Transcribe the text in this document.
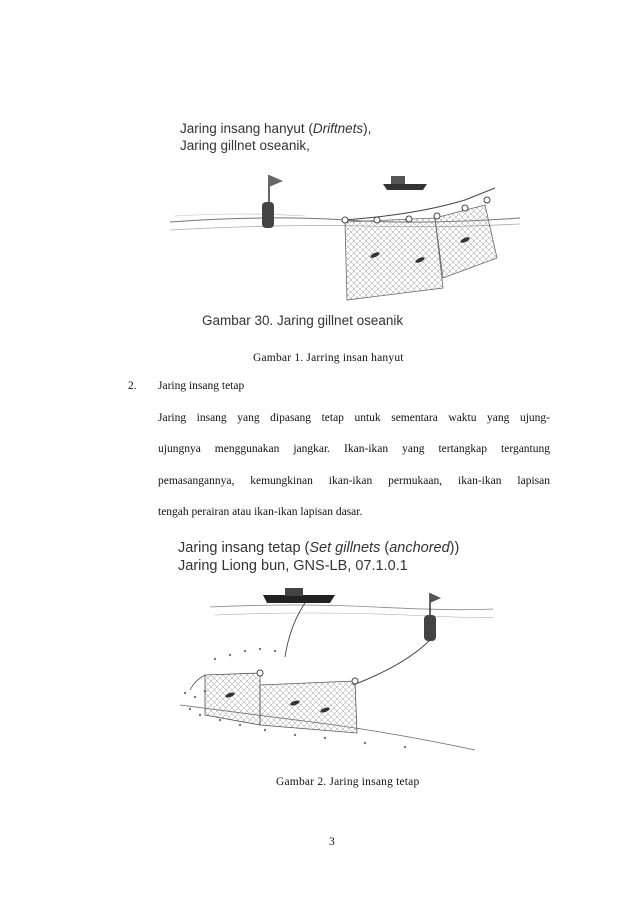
Jaring insang hanyut (Driftnets),
Jaring gillnet oseanik,
Gambar 30. Jaring gillnet oseanik
Gambar 1. Jarring insan hanyut
2. Jaring insang tetap
Jaring insang yang dipasang tetap untuk sementara waktu yang ujung-
ujungnya menggunakan jangkar. Ikan-ikan yang tertangkap tergantung
pemasangannya, kemungkinan ikan-ikan permukaan, ikan-ikan lapisan
tengah perairan atau ikan-ikan lapisan dasar.
Jaring insang tetap (Set gillnets (anchored))
Jaring Liong bun, GNS-LB, 07.1.0.1
Gambar 2. Jaring insang tetap
3
